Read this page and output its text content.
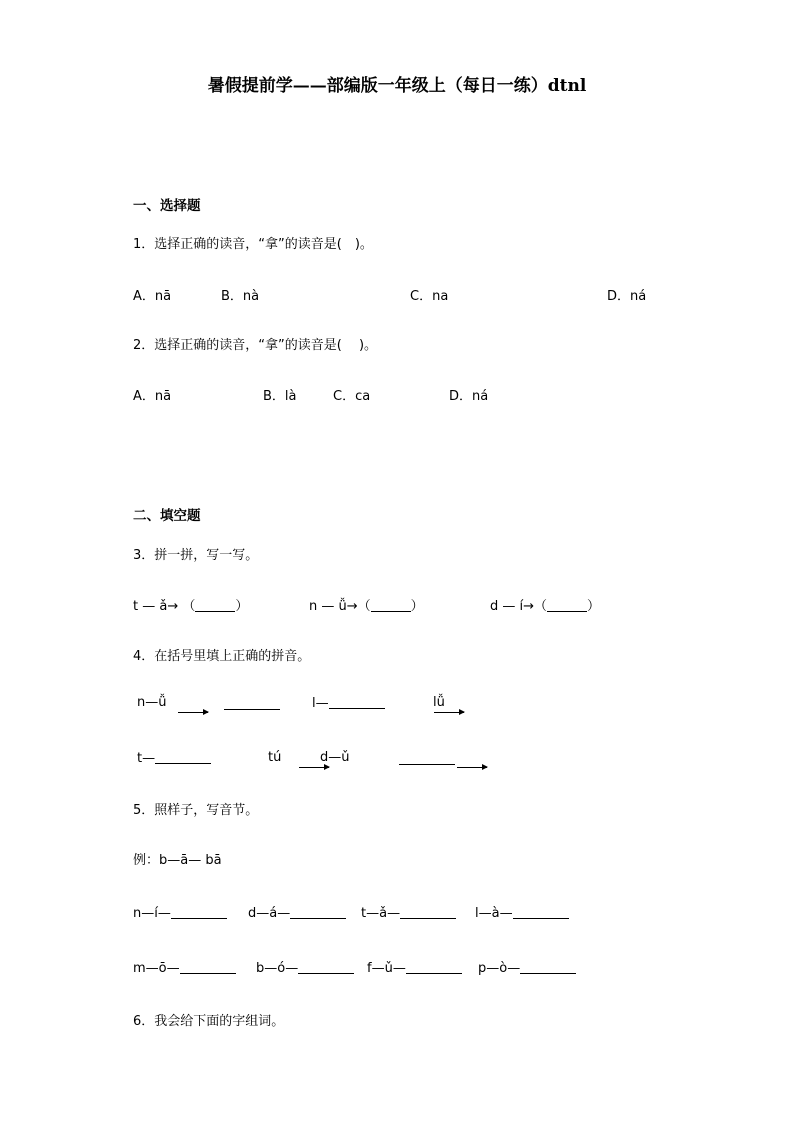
暑假提前学——部编版一年级上（每日一练）dtnl
一、选择题
1．选择正确的读音，“拿”的读音是(　)。
A．nā	B．nà	C．na	D．ná
2．选择正确的读音，“拿”的读音是(　 )。
A．nā	B．là	C．ca	D．ná
二、填空题
3．拼一拼，写一写。
t — ǎ→ （	）	n — ǚ→（	）	d — í→（	）
4．在括号里填上正确的拼音。
n—ǚ
	l—
	lǚ
t—
	tú	d—ǔ
5．照样子，写音节。
例：b—ā— bā
n—í—	d—á—	t—ǎ—	l—à—
m—ō—	b—ó—	f—ǔ—	p—ò—
6．我会给下面的字组词。
